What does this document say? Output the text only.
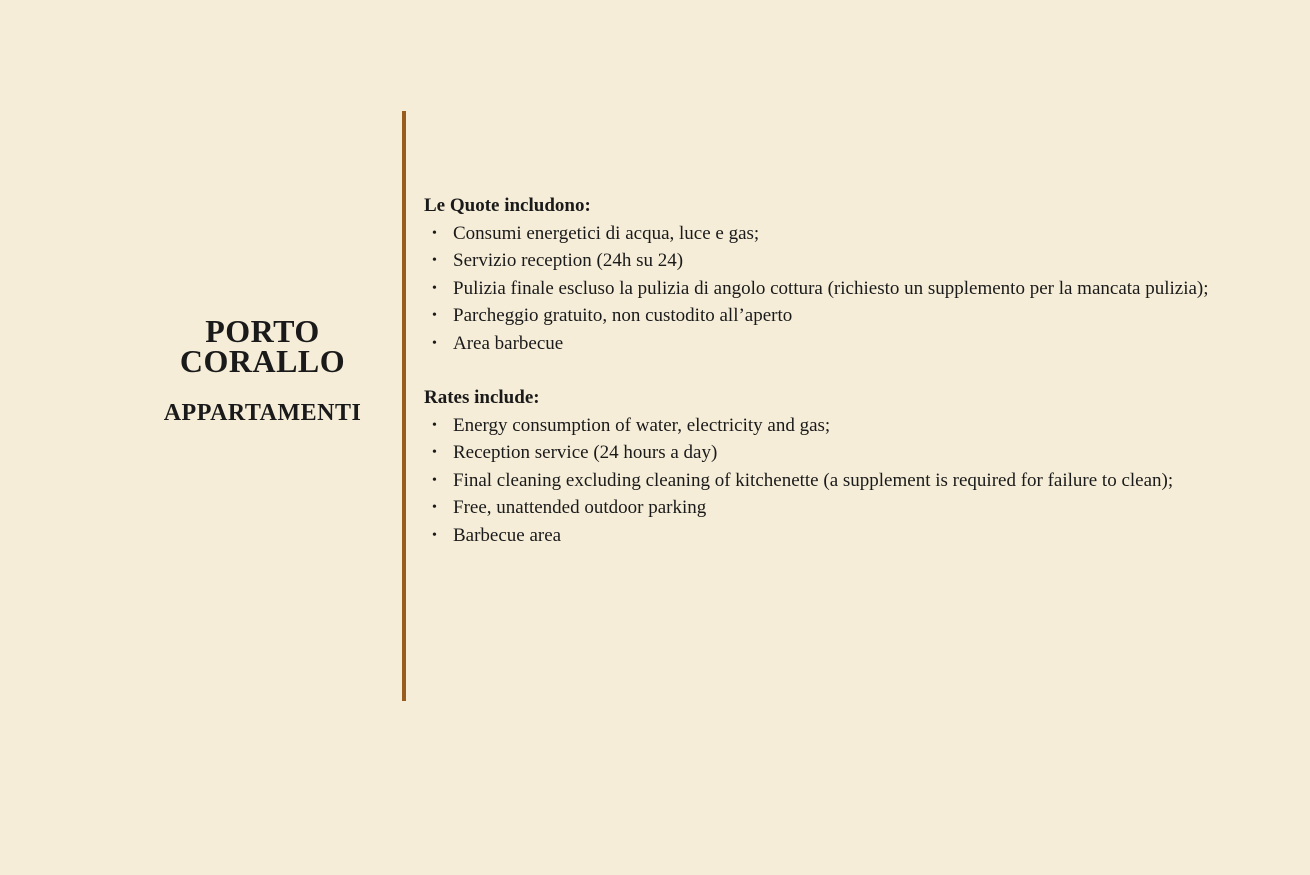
PORTO
CORALLO
APPARTAMENTI

Le Quote includono:

• Consumi energetici di acqua, luce e gas;
• Servizio reception (24h su 24)
• Pulizia finale escluso la pulizia di angolo cottura (richiesto un supplemento per la mancata pulizia);
• Parcheggio gratuito, non custodito all’aperto
• Area barbecue

Rates include:

• Energy consumption of water, electricity and gas;
• Reception service (24 hours a day)
• Final cleaning excluding cleaning of kitchenette (a supplement is required for failure to clean);
• Free, unattended outdoor parking
• Barbecue area
